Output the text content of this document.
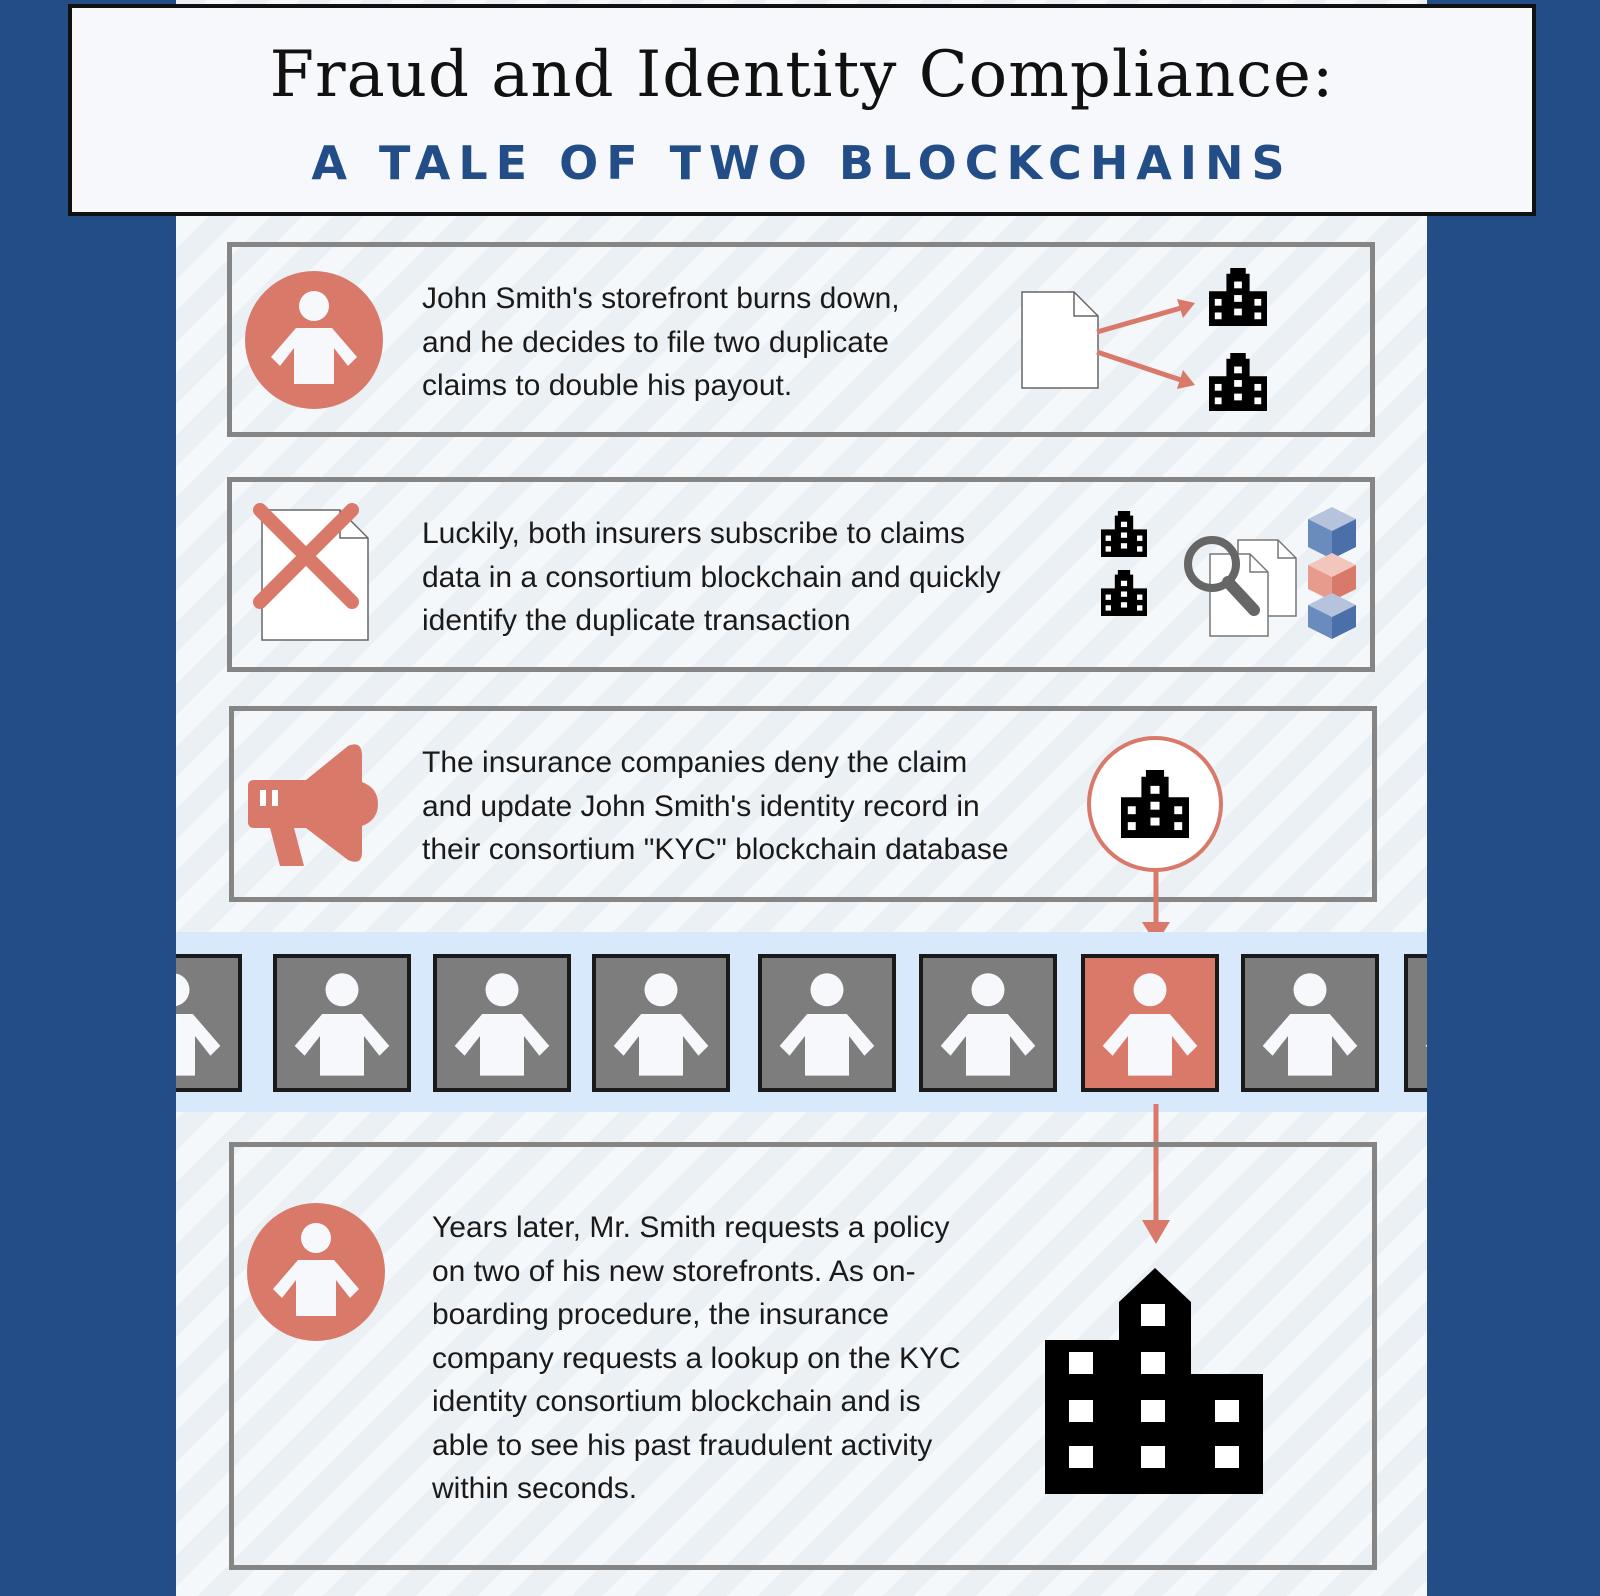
Fraud and Identity Compliance:
A TALE OF TWO BLOCKCHAINS

John Smith's storefront burns down,
and he decides to file two duplicate
claims to double his payout.

Luckily, both insurers subscribe to claims
data in a consortium blockchain and quickly
identify the duplicate transaction

The insurance companies deny the claim
and update John Smith's identity record in
their consortium "KYC" blockchain database

Years later, Mr. Smith requests a policy
on two of his new storefronts. As on-
boarding procedure, the insurance
company requests a lookup on the KYC
identity consortium blockchain and is
able to see his past fraudulent activity
within seconds.
